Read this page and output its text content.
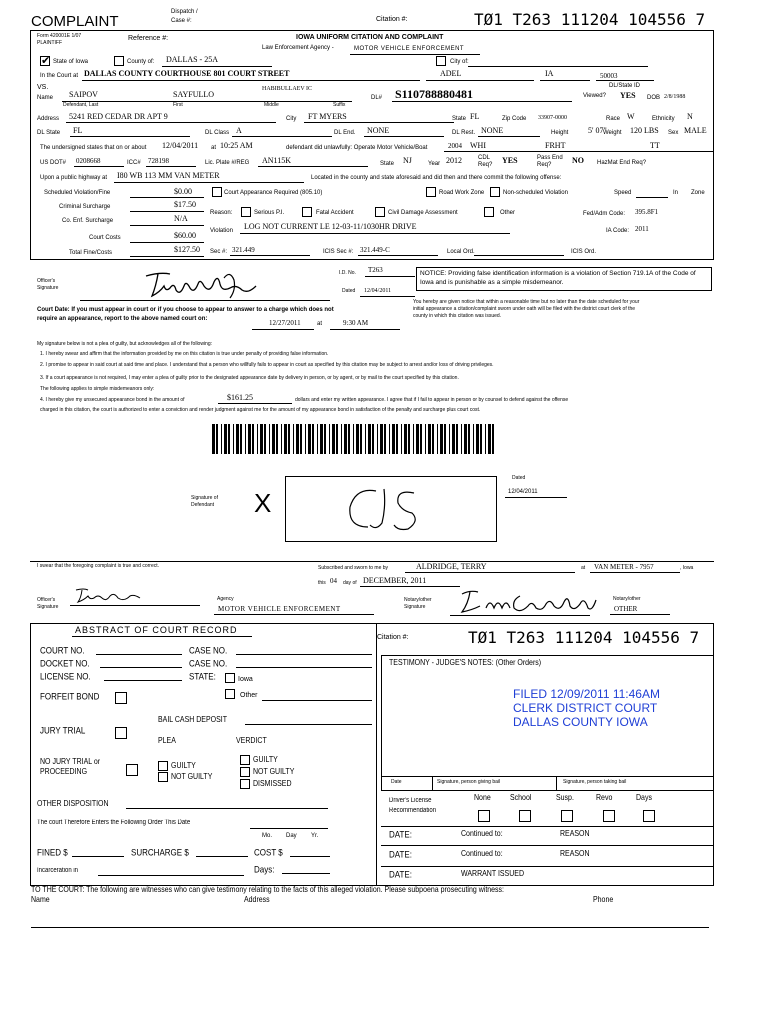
COMPLAINT
Dispatch /
Case #:	Citation #:	TØ1 T263 111204 104556 7
Form 420001E 1/07
PLAINTIFF
Reference #:	IOWA UNIFORM CITATION AND COMPLAINT
Law Enforcement Agency -	MOTOR VEHICLE ENFORCEMENT
✔ State of Iowa	County of: DALLAS - 25A	City of:
In the Court at DALLAS COUNTY COURTHOUSE 801 COURT STREET	ADEL	IA	50003
VS.
Name SAIPOV	SAYFULLO
HABIBULLAEV IC
Defendant, Last	First	Middle	Suffix
DL# S110788880481
DL/State ID
Viewed? YES DOB 2/8/1988
Address 5241 RED CEDAR DR APT 9	City FT MYERS	State FL	Zip Code 33907-0000	Race W	Ethnicity N
DL State FL	DL Class A	DL End. NONE	DL Rest. NONE	Height 5' 07"
Weight 120 LBS Sex MALE
The undersigned states that on or about 12/04/2011 at 10:25 AM	defendant did unlawfully: Operate Motor Vehicle/Boat	2004 WHI	FRHT	TT
US DOT# 0208668	ICC# 728198	Lic. Plate #/REG AN115K	State NJ	Year 2012	CDL Req?	YES	Pass End Req?	NO HazMat End Req?
Upon a public highway at I80 WB 113 MM VAN METER	Located in the county and state aforesaid and did then and there commit the following offense:
Scheduled Violation/Fine	$0.00
Criminal Surcharge	$17.50
Co. Enf. Surcharge	N/A
Court Costs	$60.00
Total Fine/Costs	$127.50
Court Appearance Required (805.10)	Road Work Zone	Non-scheduled Violation	Speed	In Zone
Reason:	Serious P.I.	Fatal Accident	Civil Damage Assessment	Other	Fed/Adm Code: 395.8F1
Violation LOG NOT CURRENT LE 12-03-11/1030HR DRIVE	IA Code: 2011
Sec #: 321.449	ICIS Sec #: 321.449-C	Local Ord.	ICIS Ord.
Officer's
Signature
I.D. No. T263
Dated 12/04/2011
NOTICE: Providing false identification information is a violation of Section 719.1A of the Code of Iowa and is punishable as a simple misdemeanor.
Court Date: If you must appear in court or if you choose to appear to answer to a charge which does not
require an appearance, report to the above named court on:	12/27/2011	at	9:30 AM
You hereby are given notice that within a reasonable time but no later than the date scheduled for your
initial appearance a citation/complaint sworn under oath will be filed with the district court clerk of the
county in which this citation was issued.
My signature below is not a plea of guilty, but acknowledges all of the following:
1. I hereby swear and affirm that the information provided by me on this citation is true under penalty of providing false information.
2. I promise to appear in said court at said time and place. I understand that a person who willfully fails to appear in court as specified by this citation may be subject to arrest and/or loss of driving privileges.
3. If a court appearance is not required, I may enter a plea of guilty prior to the designated appearance date by delivery in person, or by agent, or by mail to the court specified by this citation.
The following applies to simple misdemeanors only:
4. I hereby give my unsecured appearance bond in the amount of	$161.25	dollars and enter my written appearance. I agree that if I fail to appear in person or by counsel to defend against the offense
charged in this citation, the court is authorized to enter a conviction and render judgment against me for the amount of my appearance bond in satisfaction of the penalty and surcharge plus court cost.
Signature of
Defendant X
Dated
12/04/2011
I swear that the foregoing complaint is true and correct.	Subscribed and sworn to me by	ALDRIDGE, TERRY	at VAN METER - 7957	, Iowa
this 04 day of DECEMBER, 2011
Officer's
Signature
Agency
MOTOR VEHICLE ENFORCEMENT
Notary/other
Signature
Notary/other
OTHER
ABSTRACT OF COURT RECORD
COURT NO.	CASE NO.
DOCKET NO.	CASE NO.
LICENSE NO.	STATE:	Iowa
Other
FORFEIT BOND
BAIL CASH DEPOSIT
JURY TRIAL
PLEA	VERDICT
NO JURY TRIAL or
PROCEEDING
GUILTY
NOT GUILTY
GUILTY
NOT GUILTY
DISMISSED
OTHER DISPOSITION
The court Therefore Enters the Following Order This Date
Mo. Day Yr.
FINED $	SURCHARGE $	COST $
Incarceration in	Days:
Citation #:	TØ1 T263 111204 104556 7
TESTIMONY - JUDGE'S NOTES: (Other Orders)
FILED 12/09/2011 11:46AM
CLERK DISTRICT COURT
DALLAS COUNTY IOWA
Date	Signature, person giving bail	Signature, person taking bail
Driver's License
Recommendation
None	School	Susp.	Revo	Days
DATE:	Continued to:	REASON
DATE:	Continued to:	REASON
DATE:	WARRANT ISSUED
TO THE COURT: The following are witnesses who can give testimony relating to the facts of this alleged violation. Please subpoena prosecuting witness:
Name	Address	Phone
